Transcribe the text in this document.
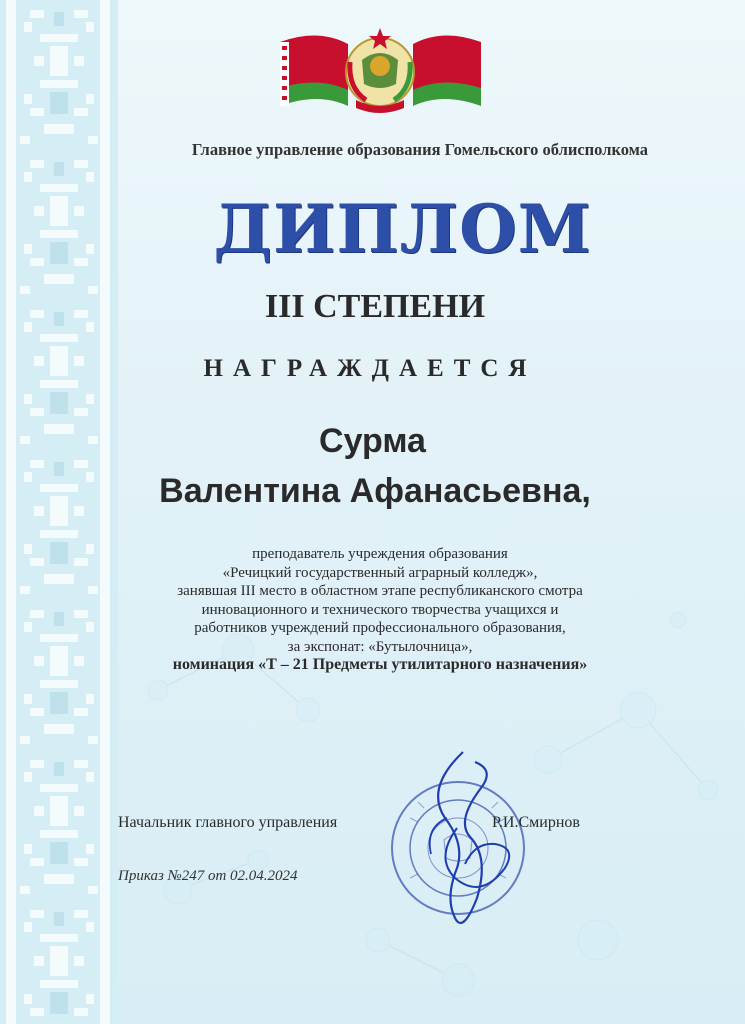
Главное управление образования Гомельского облисполкома
ДИПЛОМ
III СТЕПЕНИ
НАГРАЖДАЕТСЯ
Сурма
Валентина Афанасьевна,
преподаватель учреждения образования
«Речицкий государственный аграрный колледж»,
занявшая III место в областном этапе республиканского смотра
инновационного и технического творчества учащихся и
работников учреждений профессионального образования,
за экспонат: «Бутылочница»,
номинация «Т – 21 Предметы утилитарного назначения»
Начальник главного управления	Р.И.Смирнов
Приказ №247 от 02.04.2024
